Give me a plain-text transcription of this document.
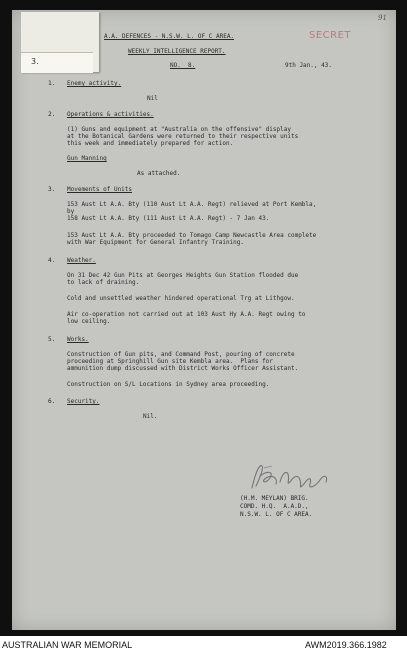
3.
91
SECRET
A.A. DEFENCES - N.S.W. L. OF C AREA.
WEEKLY INTELLIGENCE REPORT.
NO.  8.	9th Jan., 43.
1. Enemy activity.
Nil
2. Operations & activities.
(1) Guns and equipment at "Australia on the offensive" display
at the Botanical Gardens were returned to their respective units
this week and immediately prepared for action.
Gun Manning
As attached.
3. Movements of Units
153 Aust Lt A.A. Bty (110 Aust Lt A.A. Regt) relieved at Port Kembla,
by
158 Aust Lt A.A. Bty (111 Aust Lt A.A. Regt) - 7 Jan 43.
153 Aust Lt A.A. Bty proceeded to Tomago Camp Newcastle Area complete
with War Equipment for General Infantry Training.
4. Weather.
On 31 Dec 42 Gun Pits at Georges Heights Gun Station flooded due
to lack of draining.
Cold and unsettled weather hindered operational Trg at Lithgow.
Air co-operation not carried out at 103 Aust Hy A.A. Regt owing to
low ceiling.
5. Works.
Construction of Gun pits, and Command Post, pouring of concrete
proceeding at Springhill Gun site Kembla area.  Plans for
ammunition dump discussed with District Works Officer Assistant.
Construction on S/L Locations in Sydney area proceeding.
6. Security.
Nil.
(H.M. MEYLAN) BRIG.
COMD. H.Q.  A.A.D.,
N.S.W. L. OF C AREA.
AUSTRALIAN WAR MEMORIAL	AWM2019.366.1982
